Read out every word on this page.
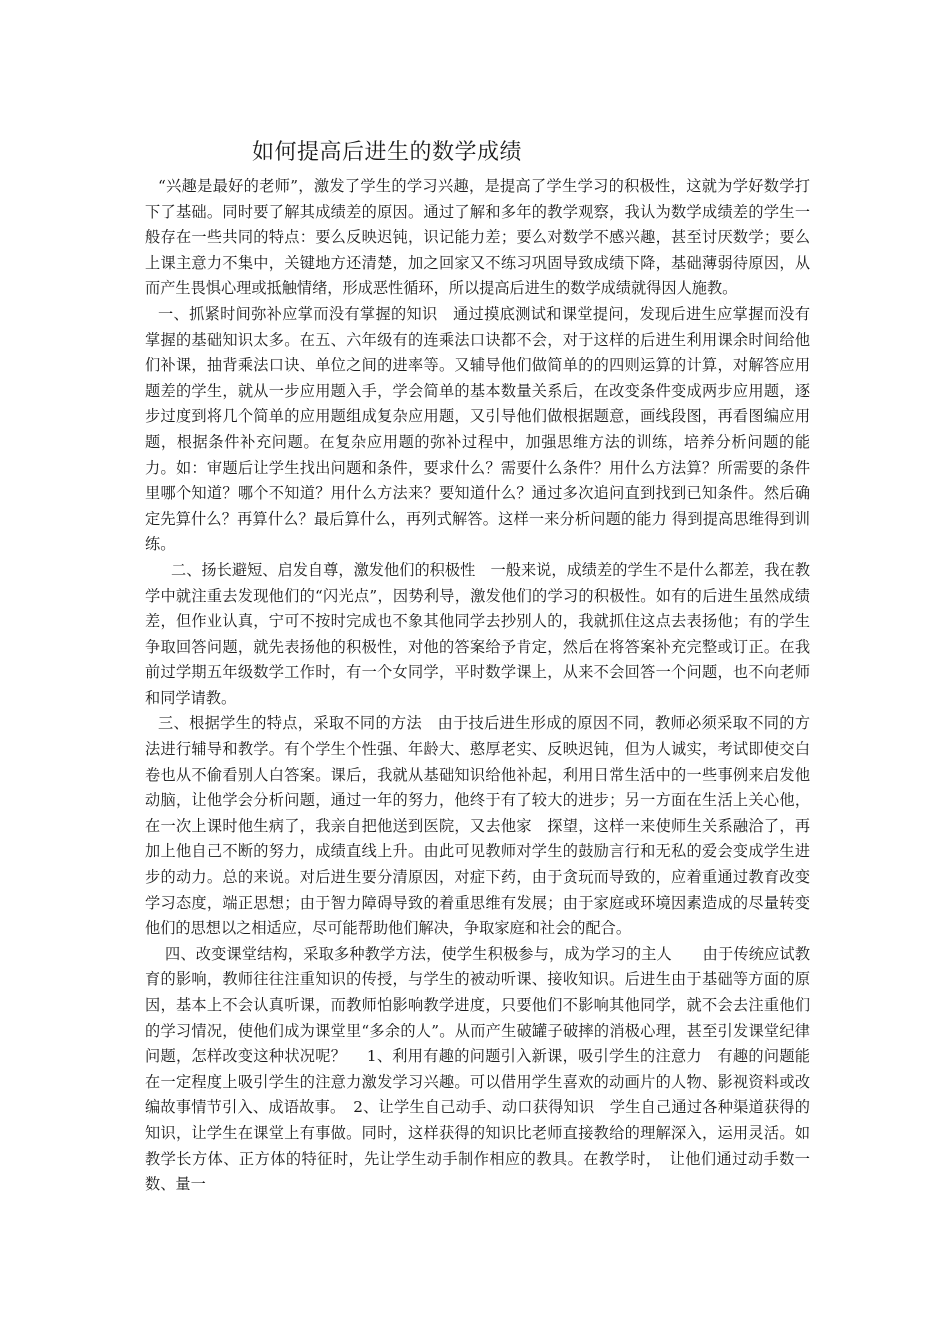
如何提高后进生的数学成绩

“兴趣是最好的老师”，激发了学生的学习兴趣，是提高了学生学习的积极性，这就为学好数学打下了基础。同时要了解其成绩差的原因。通过了解和多年的教学观察，我认为数学成绩差的学生一般存在一些共同的特点：要么反映迟钝，识记能力差；要么对数学不感兴趣，甚至讨厌数学；要么上课主意力不集中，关键地方还清楚，加之回家又不练习巩固导致成绩下降，基础薄弱待原因，从而产生畏惧心理或抵触情绪，形成恶性循环，所以提高后进生的数学成绩就得因人施教。

一、抓紧时间弥补应掌而没有掌握的知识　通过摸底测试和课堂提问，发现后进生应掌握而没有掌握的基础知识太多。在五、六年级有的连乘法口诀都不会，对于这样的后进生利用课余时间给他们补课，抽背乘法口诀、单位之间的进率等。又辅导他们做简单的的四则运算的计算，对解答应用题差的学生，就从一步应用题入手，学会简单的基本数量关系后，在改变条件变成两步应用题，逐步过度到将几个简单的应用题组成复杂应用题，又引导他们做根据题意，画线段图，再看图编应用题，根据条件补充问题。在复杂应用题的弥补过程中，加强思维方法的训练，培养分析问题的能力。如：审题后让学生找出问题和条件，要求什么？需要什么条件？用什么方法算？所需要的条件里哪个知道？哪个不知道？用什么方法来？要知道什么？通过多次追问直到找到已知条件。然后确定先算什么？再算什么？最后算什么，再列式解答。这样一来分析问题的能力 得到提高思维得到训练。

二、扬长避短、启发自尊，激发他们的积极性　一般来说，成绩差的学生不是什么都差，我在教学中就注重去发现他们的“闪光点”，因势利导，激发他们的学习的积极性。如有的后进生虽然成绩差，但作业认真，宁可不按时完成也不象其他同学去抄别人的，我就抓住这点去表扬他；有的学生争取回答问题，就先表扬他的积极性，对他的答案给予肯定，然后在将答案补充完整或订正。在我前过学期五年级数学工作时，有一个女同学，平时数学课上，从来不会回答一个问题，也不向老师和同学请教。

三、根据学生的特点，采取不同的方法　由于技后进生形成的原因不同，教师必须采取不同的方法进行辅导和教学。有个学生个性强、年龄大、憨厚老实、反映迟钝，但为人诚实，考试即使交白卷也从不偷看别人白答案。课后，我就从基础知识给他补起，利用日常生活中的一些事例来启发他动脑，让他学会分析问题，通过一年的努力，他终于有了较大的进步；另一方面在生活上关心他，在一次上课时他生病了，我亲自把他送到医院，又去他家　探望，这样一来使师生关系融洽了，再加上他自己不断的努力，成绩直线上升。由此可见教师对学生的鼓励言行和无私的爱会变成学生进步的动力。总的来说。对后进生要分清原因，对症下药，由于贪玩而导致的，应着重通过教育改变学习态度，端正思想；由于智力障碍导致的着重思维有发展；由于家庭或环境因素造成的尽量转变他们的思想以之相适应，尽可能帮助他们解决，争取家庭和社会的配合。

四、改变课堂结构，采取多种教学方法，使学生积极参与，成为学习的主人　　由于传统应试教育的影响，教师往往注重知识的传授，与学生的被动听课、接收知识。后进生由于基础等方面的原因，基本上不会认真听课，而教师怕影响教学进度，只要他们不影响其他同学，就不会去注重他们的学习情况，使他们成为课堂里“多余的人”。从而产生破罐子破摔的消极心理，甚至引发课堂纪律问题，怎样改变这种状况呢？　 1、利用有趣的问题引入新课，吸引学生的注意力　有趣的问题能在一定程度上吸引学生的注意力激发学习兴趣。可以借用学生喜欢的动画片的人物、影视资料或改编故事情节引入、成语故事。　2、让学生自己动手、动口获得知识　学生自己通过各种渠道获得的知识，让学生在课堂上有事做。同时，这样获得的知识比老师直接教给的理解深入，运用灵活。如教学长方体、正方体的特征时，先让学生动手制作相应的教具。在教学时，　让他们通过动手数一数、量一
